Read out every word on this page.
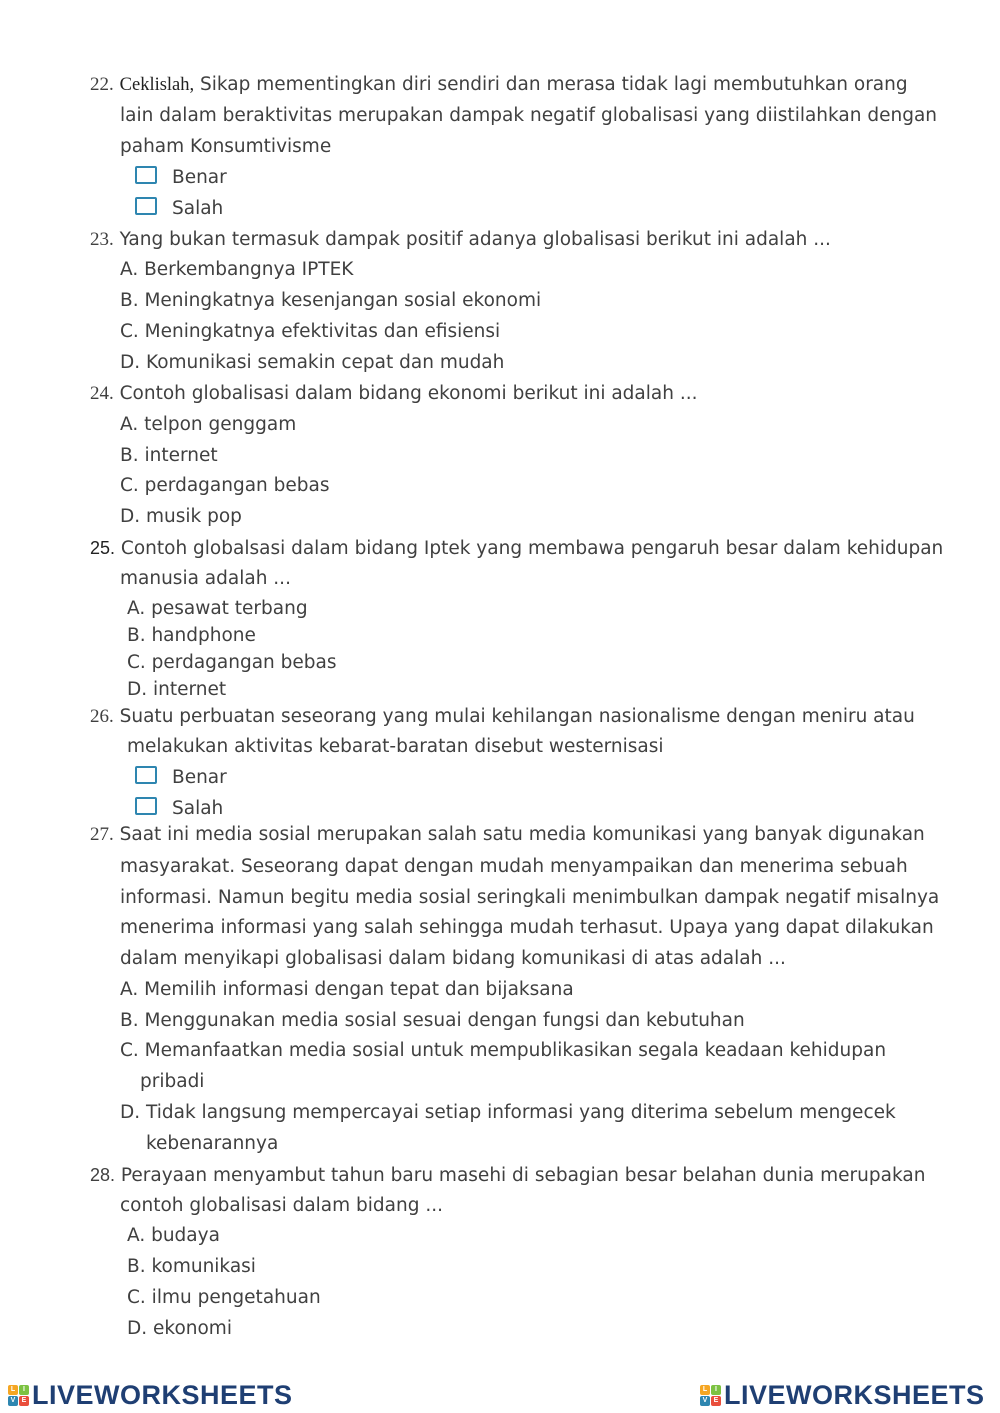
22. Ceklislah, Sikap mementingkan diri sendiri dan merasa tidak lagi membutuhkan orang
lain dalam beraktivitas merupakan dampak negatif globalisasi yang diistilahkan dengan
paham Konsumtivisme
Benar
Salah
23. Yang bukan termasuk dampak positif adanya globalisasi berikut ini adalah ...
A. Berkembangnya IPTEK
B. Meningkatnya kesenjangan sosial ekonomi
C. Meningkatnya efektivitas dan efisiensi
D. Komunikasi semakin cepat dan mudah
24. Contoh globalisasi dalam bidang ekonomi berikut ini adalah ...
A. telpon genggam
B. internet
C. perdagangan bebas
D. musik pop
25. Contoh globalsasi dalam bidang Iptek yang membawa pengaruh besar dalam kehidupan
manusia adalah ...
A. pesawat terbang
B. handphone
C. perdagangan bebas
D. internet
26. Suatu perbuatan seseorang yang mulai kehilangan nasionalisme dengan meniru atau
melakukan aktivitas kebarat-baratan disebut westernisasi
Benar
Salah
27. Saat ini media sosial merupakan salah satu media komunikasi yang banyak digunakan
masyarakat. Seseorang dapat dengan mudah menyampaikan dan menerima sebuah
informasi. Namun begitu media sosial seringkali menimbulkan dampak negatif misalnya
menerima informasi yang salah sehingga mudah terhasut. Upaya yang dapat dilakukan
dalam menyikapi globalisasi dalam bidang komunikasi di atas adalah ...
A. Memilih informasi dengan tepat dan bijaksana
B. Menggunakan media sosial sesuai dengan fungsi dan kebutuhan
C. Memanfaatkan media sosial untuk mempublikasikan segala keadaan kehidupan
pribadi
D. Tidak langsung mempercayai setiap informasi yang diterima sebelum mengecek
kebenarannya
28. Perayaan menyambut tahun baru masehi di sebagian besar belahan dunia merupakan
contoh globalisasi dalam bidang ...
A. budaya
B. komunikasi
C. ilmu pengetahuan
D. ekonomi
L	I
V E LIVEWORKSHEETS	L	I
V E LIVEWORKSHEETS
